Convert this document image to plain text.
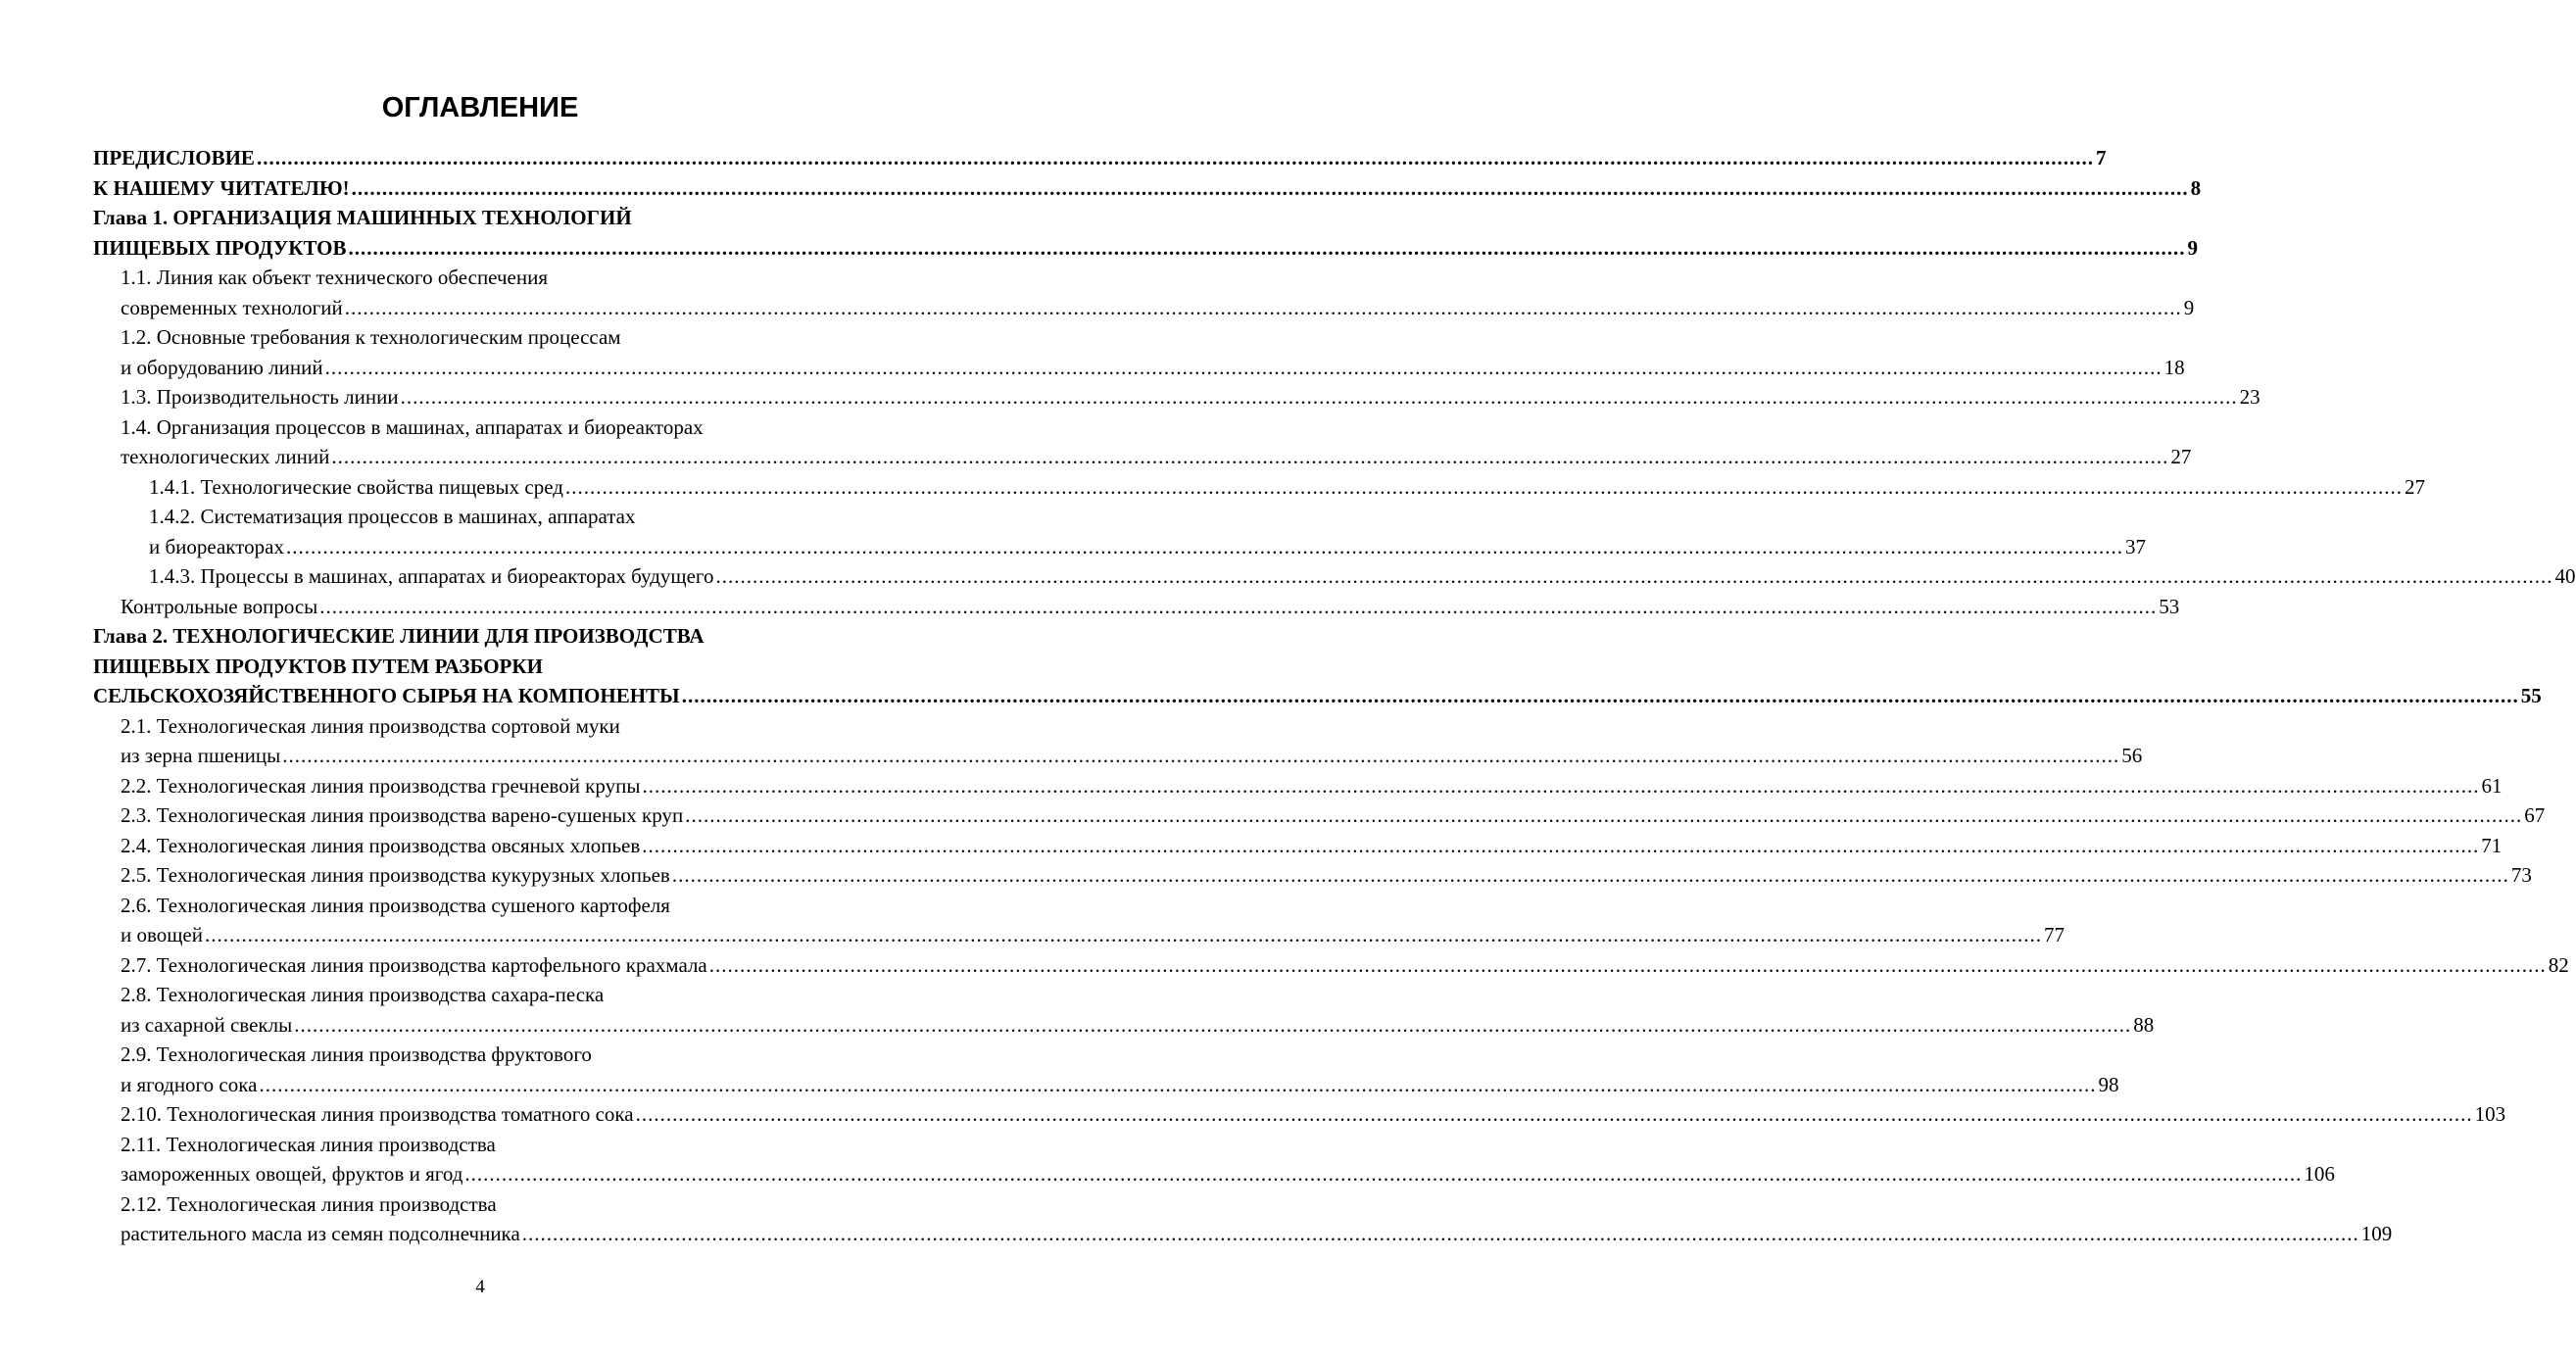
ОГЛАВЛЕНИЕ
ПРЕДИСЛОВИЕ ............................................................................................................................................................................................................................................................................................................ 7
К НАШЕМУ ЧИТАТЕЛЮ! ............................................................................................................................................................................................................................................................................................................ 8
Глава 1. ОРГАНИЗАЦИЯ МАШИННЫХ ТЕХНОЛОГИЙ
ПИЩЕВЫХ ПРОДУКТОВ ............................................................................................................................................................................................................................................................................................................ 9
1.1. Линия как объект технического обеспечения
современных технологий ............................................................................................................................................................................................................................................................................................................ 9
1.2. Основные требования к технологическим процессам
и оборудованию линий ............................................................................................................................................................................................................................................................................................................ 18
1.3. Производительность линии ............................................................................................................................................................................................................................................................................................................ 23
1.4. Организация процессов в машинах, аппаратах и биореакторах
технологических линий ............................................................................................................................................................................................................................................................................................................ 27
1.4.1. Технологические свойства пищевых сред ............................................................................................................................................................................................................................................................................................................ 27
1.4.2. Систематизация процессов в машинах, аппаратах
и биореакторах ............................................................................................................................................................................................................................................................................................................ 37
1.4.3. Процессы в машинах, аппаратах и биореакторах будущего ............................................................................................................................................................................................................................................................................................................ 40
Контрольные вопросы ............................................................................................................................................................................................................................................................................................................ 53
Глава 2. ТЕХНОЛОГИЧЕСКИЕ ЛИНИИ ДЛЯ ПРОИЗВОДСТВА
ПИЩЕВЫХ ПРОДУКТОВ ПУТЕМ РАЗБОРКИ
СЕЛЬСКОХОЗЯЙСТВЕННОГО СЫРЬЯ НА КОМПОНЕНТЫ ............................................................................................................................................................................................................................................................................................................ 55
2.1. Технологическая линия производства сортовой муки
из зерна пшеницы ............................................................................................................................................................................................................................................................................................................ 56
2.2. Технологическая линия производства гречневой крупы ............................................................................................................................................................................................................................................................................................................ 61
2.3. Технологическая линия производства варено-сушеных круп ............................................................................................................................................................................................................................................................................................................ 67
2.4. Технологическая линия производства овсяных хлопьев ............................................................................................................................................................................................................................................................................................................ 71
2.5. Технологическая линия производства кукурузных хлопьев ............................................................................................................................................................................................................................................................................................................ 73
2.6. Технологическая линия производства сушеного картофеля
и овощей ............................................................................................................................................................................................................................................................................................................ 77
2.7. Технологическая линия производства картофельного крахмала ............................................................................................................................................................................................................................................................................................................ 82
2.8. Технологическая линия производства сахара-песка
из сахарной свеклы ............................................................................................................................................................................................................................................................................................................ 88
2.9. Технологическая линия производства фруктового
и ягодного сока ............................................................................................................................................................................................................................................................................................................ 98
2.10. Технологическая линия производства томатного сока ............................................................................................................................................................................................................................................................................................................ 103
2.11. Технологическая линия производства
замороженных овощей, фруктов и ягод ............................................................................................................................................................................................................................................................................................................ 106
2.12. Технологическая линия производства
растительного масла из семян подсолнечника ............................................................................................................................................................................................................................................................................................................ 109
4
